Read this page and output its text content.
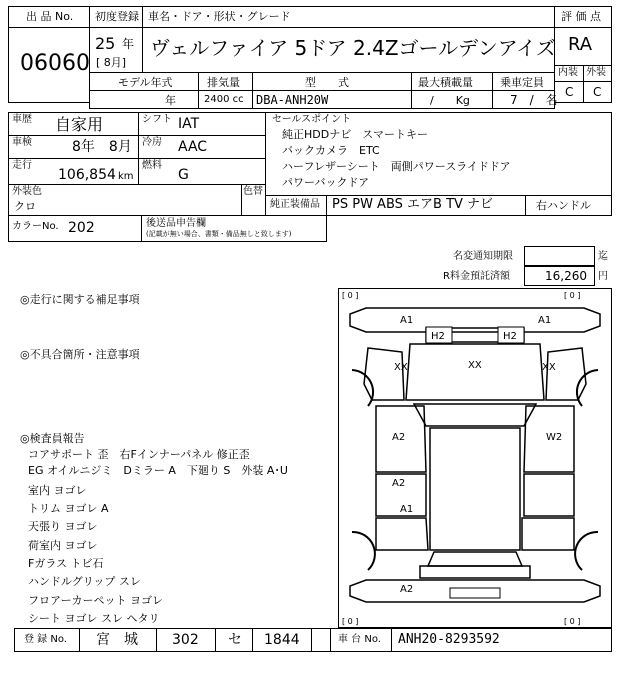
出 品 No.
06060
初度登録
25 年
[ 8月]
車名・ドア・形状・グレード
ヴェルファイア 5ドア 2.4Zゴールデンアイズ
評 価 点
RA
内装 外装
C C
モデル年式
年
排気量
2400 cc
型　　式
DBA-ANH20W
最大積載量
/　　Kg
乗車定員
7　/　名
車歴 自家用	シフト IAT
車検	8年　8月 冷房 AAC
走行
106,854 km
燃料
G
色替
外装色
クロ
カラーNo. 202	後送品申告欄
(記載が無い場合、書類・備品無しと致します)
セールスポイント
純正HDDナビ　スマートキー
バックカメラ　ETC
ハーフレザーシート　両側パワースライドドア
パワーバックドア
純正装備品 PS PW ABS エアB TV ナビ	右ハンドル
名変通知期限	迄
R料金預託済額	16,260 円
◎走行に関する補足事項
◎不具合箇所・注意事項
◎検査員報告
コアサポート 歪　右Fインナーパネル 修正歪
EG オイルニジミ　Dミラー A　下廻り S　外装 A･U
室内 ヨゴレ
トリム ヨゴレ A
天張り ヨゴレ
荷室内 ヨゴレ
Fガラス トビ石
ハンドルグリップ スレ
フロアーカーペット ヨゴレ
シート ヨゴレ スレ ヘタリ
[ 0 ]	[ 0 ]
[ 0 ]	[ 0 ]
A1	A1
H2	H2
XX	XX	XX
A2	W2
A2
A1
A2
登 録 No. 宮　城 302 セ 1844	車 台 No. ANH20-8293592
